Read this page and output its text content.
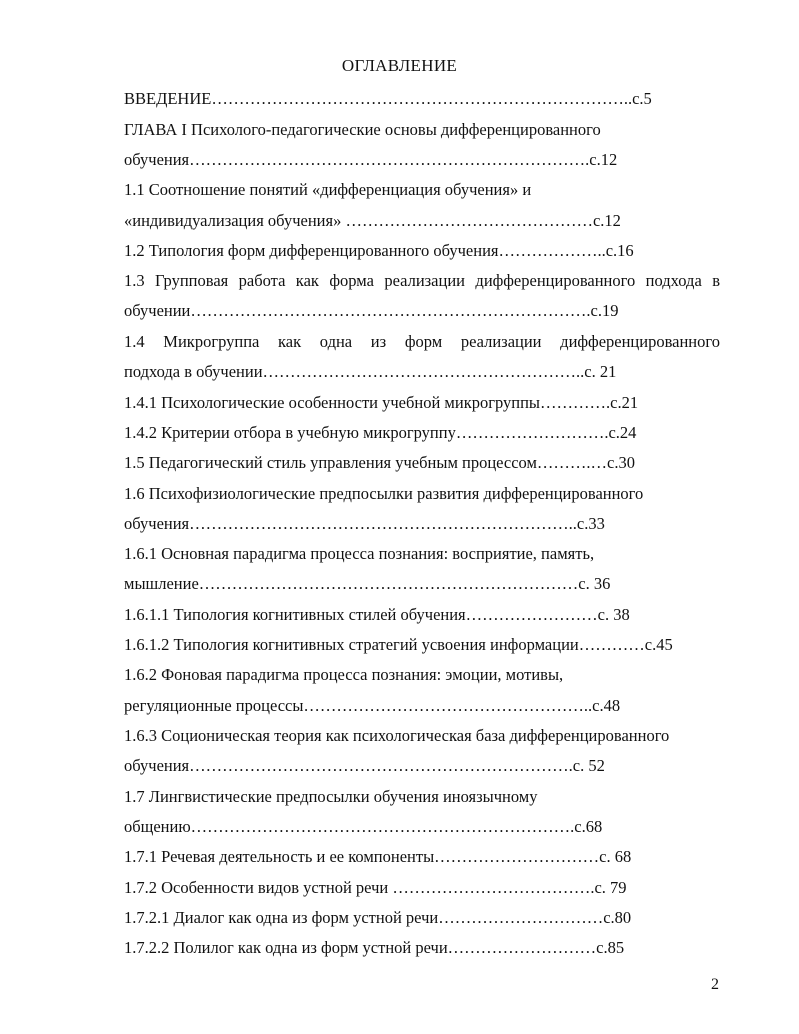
ОГЛАВЛЕНИЕ
ВВЕДЕНИЕ…………………………………………………………………..с.5
ГЛАВА I Психолого-педагогические основы дифференцированного
обучения……………………………………………………………….с.12
1.1 Соотношение понятий «дифференциация обучения» и
«индивидуализация обучения» ………………………………………с.12
1.2 Типология форм дифференцированного обучения………………..с.16
1.3 Групповая работа как форма реализации дифференцированного подхода в
обучении……………………………………………………………….с.19
1.4 Микрогруппа как одна из форм реализации дифференцированного
подхода в обучении…………………………………………………..с. 21
1.4.1 Психологические особенности учебной микрогруппы………….с.21
1.4.2 Критерии отбора в учебную микрогруппу……………………….с.24
1.5 Педагогический стиль управления учебным процессом……….…с.30
1.6 Психофизиологические предпосылки развития дифференцированного
обучения……………………………………………………………..с.33
1.6.1 Основная парадигма процесса познания: восприятие, память,
мышление……………………………………………………………с. 36
1.6.1.1 Типология когнитивных стилей обучения……………………с. 38
1.6.1.2 Типология когнитивных стратегий усвоения информации…………с.45
1.6.2 Фоновая парадигма процесса познания: эмоции, мотивы,
регуляционные процессы……………………………………………..с.48
1.6.3 Соционическая теория как психологическая база дифференцированного
обучения…………………………………………………………….с. 52
1.7 Лингвистические предпосылки обучения иноязычному
общению…………………………………………………………….с.68
1.7.1 Речевая деятельность и ее компоненты…………………………с. 68
1.7.2 Особенности видов устной речи ……………………………….с. 79
1.7.2.1 Диалог как одна из форм устной речи…………………………с.80
1.7.2.2 Полилог как одна из форм устной речи………………………с.85
2
